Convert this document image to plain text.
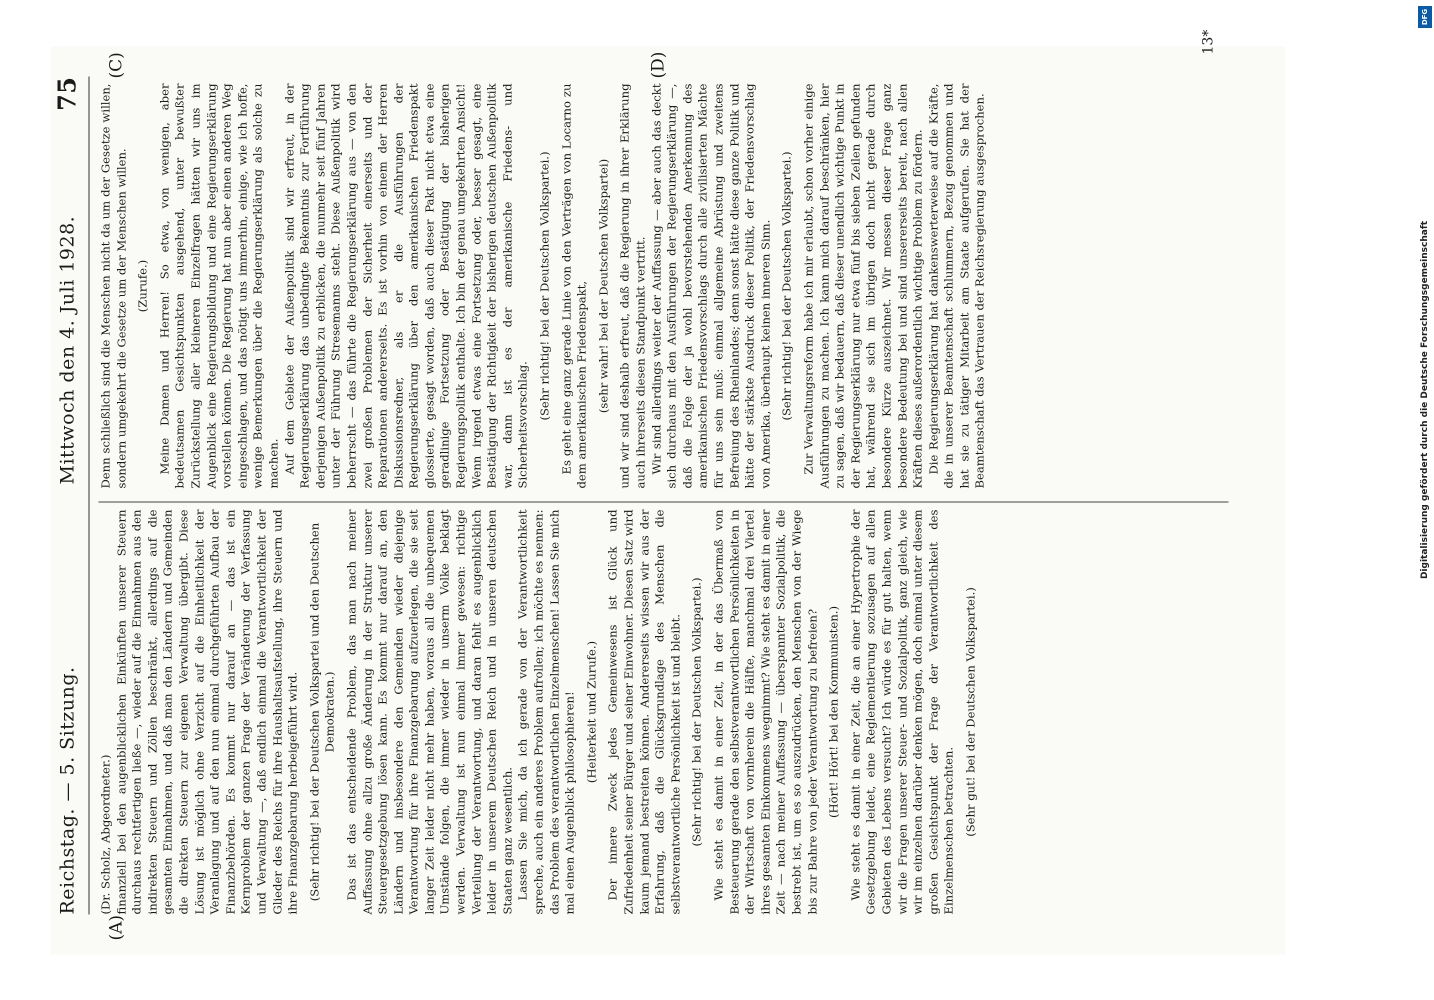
Reichstag. — 5. Sitzung.
Mittwoch den 4. Juli 1928.
75
(A)
(C)	(D)

(Dr. Scholz, Abgeordneter.) finanziell bei den augenblicklichen Einkünften unserer Steuern durchaus rechtfertigen ließe —, wieder auf die Einnahmen aus den indirekten Steuern und Zöllen beschränkt, allerdings auf die gesamten Einnahmen, und daß man den Ländern und Gemeinden die direkten Steuern zur eigenen Verwaltung übergibt. Diese Lösung ist möglich ohne Verzicht auf die Einheitlichkeit der Veranlagung und auf den nun einmal durchgeführten Aufbau der Finanzbehörden. Es kommt nur darauf an — das ist ein Kernproblem der ganzen Frage der Veränderung der Verfassung und Verwaltung —, daß endlich einmal die Verantwortlichkeit der Glieder des Reichs für ihre Haushaltsaufstellung, ihre Steuern und ihre Finanzgebarung herbeigeführt wird. (Sehr richtig! bei der Deutschen Volkspartei und den Deutschen Demokraten.) Das ist das entscheidende Problem, das man nach meiner Auffassung ohne allzu große Änderung in der Struktur unserer Steuergesetzgebung lösen kann. Es kommt nur darauf an, den Ländern und insbesondere den Gemeinden wieder diejenige Verantwortung für ihre Finanzgebarung aufzuerlegen, die sie seit langer Zeit leider nicht mehr haben, woraus all die unbequemen Umstände folgen, die immer wieder in unserm Volke beklagt werden. Verwaltung ist nun einmal immer gewesen: richtige Verteilung der Verantwortung, und daran fehlt es augenblicklich leider in unserem Deutschen Reich und in unseren deutschen Staaten ganz wesentlich. Lassen Sie mich, da ich gerade von der Verantwortlichkeit spreche, auch ein anderes Problem aufrollen; ich möchte es nennen: das Problem des verantwortlichen Einzelmenschen! Lassen Sie mich mal einen Augenblick philosophieren! (Heiterkeit und Zurufe.) Der innere Zweck jedes Gemeinwesens ist Glück und Zufriedenheit seiner Bürger und seiner Einwohner. Diesen Satz wird kaum jemand bestreiten können. Andererseits wissen wir aus der Erfahrung, daß die Glücksgrundlage des Menschen die selbstverantwortliche Persönlichkeit ist und bleibt. (Sehr richtig! bei der Deutschen Volkspartei.) Wie steht es damit in einer Zeit, in der das Übermaß von Besteuerung gerade den selbstverantwortlichen Persönlichkeiten in der Wirtschaft von vornherein die Hälfte, manchmal drei Viertel ihres gesamten Einkommens wegnimmt? Wie steht es damit in einer Zeit — nach meiner Auffassung — überspannter Sozialpolitik, die bestrebt ist, um es so auszudrücken, den Menschen von der Wiege bis zur Bahre von jeder Verantwortung zu befreien? (Hört! Hört! bei den Kommunisten.) Wie steht es damit in einer Zeit, die an einer Hypertrophie der Gesetzgebung leidet, eine Reglementierung sozusagen auf allen Gebieten des Lebens versucht? Ich würde es für gut halten, wenn wir die Fragen unserer Steuer- und Sozialpolitik, ganz gleich, wie wir im einzelnen darüber denken mögen, doch einmal unter diesem großen Gesichtspunkt der Frage der Verantwortlichkeit des Einzelmenschen betrachten. (Sehr gut! bei der Deutschen Volkspartei.)

Denn schließlich sind die Menschen nicht da um der Gesetze willen, sondern umgekehrt die Gesetze um der Menschen willen. (Zurufe.) Meine Damen und Herren! So etwa, von wenigen, aber bedeutsamen Gesichtspunkten ausgehend, unter bewußter Zurückstellung aller kleineren Einzelfragen hätten wir uns im Augenblick eine Regierungsbildung und eine Regierungserklärung vorstellen können. Die Regierung hat nun aber einen anderen Weg eingeschlagen, und das nötigt uns immerhin, einige, wie ich hoffe, wenige Bemerkungen über die Regierungserklärung als solche zu machen. Auf dem Gebiete der Außenpolitik sind wir erfreut, in der Regierungserklärung das unbedingte Bekenntnis zur Fortführung derjenigen Außenpolitik zu erblicken, die nunmehr seit fünf Jahren unter der Führung Stresemanns steht. Diese Außenpolitik wird beherrscht — das führte die Regierungserklärung aus — von den zwei großen Problemen der Sicherheit einerseits und der Reparationen andererseits. Es ist vorhin von einem der Herren Diskussionsredner, als er die Ausführungen der Regierungserklärung über den amerikanischen Friedenspakt glossierte, gesagt worden, daß auch dieser Pakt nicht etwa eine geradlinige Fortsetzung oder Bestätigung der bisherigen Regierungspolitik enthalte. Ich bin der genau umgekehrten Ansicht! Wenn irgend etwas eine Fortsetzung oder, besser gesagt, eine Bestätigung der Richtigkeit der bisherigen deutschen Außenpolitik war, dann ist es der amerikanische Friedens- und Sicherheitsvorschlag.

(Sehr richtig! bei der Deutschen Volkspartei.) Es geht eine ganz gerade Linie von den Verträgen von Locarno zu dem amerikanischen Friedenspakt, (sehr wahr! bei der Deutschen Volkspartei) und wir sind deshalb erfreut, daß die Regierung in ihrer Erklärung auch ihrerseits diesen Standpunkt vertritt. Wir sind allerdings weiter der Auffassung — aber auch das deckt sich durchaus mit den Ausführungen der Regierungserklärung —, daß die Folge der ja wohl bevorstehenden Anerkennung des amerikanischen Friedensvorschlags durch alle zivilisierten Mächte für uns sein muß: einmal allgemeine Abrüstung und zweitens Befreiung des Rheinlandes; denn sonst hätte diese ganze Politik und hätte der stärkste Ausdruck dieser Politik, der Friedensvorschlag von Amerika, überhaupt keinen inneren Sinn. (Sehr richtig! bei der Deutschen Volkspartei.) Zur Verwaltungsreform habe ich mir erlaubt, schon vorher einige Ausführungen zu machen. Ich kann mich darauf beschränken, hier zu sagen, daß wir bedauern, daß dieser unendlich wichtige Punkt in der Regierungserklärung nur etwa fünf bis sieben Zeilen gefunden hat, während sie sich im übrigen doch nicht gerade durch besondere Kürze auszeichnet. Wir messen dieser Frage ganz besondere Bedeutung bei und sind unsererseits bereit, nach allen Kräften dieses außerordentlich wichtige Problem zu fördern. Die Regierungserklärung hat dankenswerterweise auf die Kräfte, die in unserer Beamtenschaft schlummern, Bezug genommen und hat sie zu tätiger Mitarbeit am Staate aufgerufen. Sie hat der Beamtenschaft das Vertrauen der Reichsregierung ausgesprochen.

13*
DFG
Digitalisierung gefördert durch die Deutsche Forschungsgemeinschaft
